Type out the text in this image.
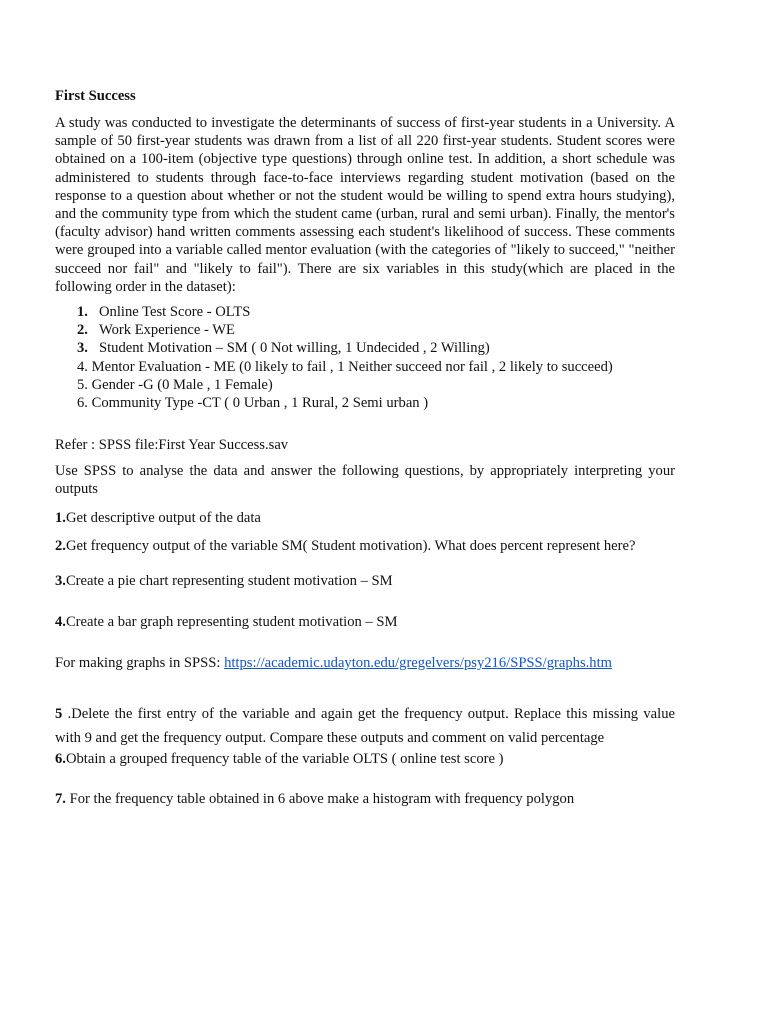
First Success

A study was conducted to investigate the determinants of success of first-year students in a University. A sample of 50 first-year students was drawn from a list of all 220 first-year students. Student scores were obtained on a 100-item (objective type questions) through online test. In addition, a short schedule was administered to students through face-to-face interviews regarding student motivation (based on the response to a question about whether or not the student would be willing to spend extra hours studying), and the community type from which the student came (urban, rural and semi urban). Finally, the mentor's (faculty advisor) hand written comments assessing each student's likelihood of success. These comments were grouped into a variable called mentor evaluation (with the categories of "likely to succeed," "neither succeed nor fail" and "likely to fail"). There are six variables in this study(which are placed in the following order in the dataset):

1. Online Test Score - OLTS
2. Work Experience - WE
3. Student Motivation – SM ( 0 Not willing, 1 Undecided , 2 Willing)
4. Mentor Evaluation - ME (0 likely to fail , 1 Neither succeed nor fail , 2 likely to succeed)
5. Gender -G (0 Male , 1 Female)
6. Community Type -CT ( 0 Urban , 1 Rural, 2 Semi urban )
Refer : SPSS file:First Year Success.sav
Use SPSS to analyse the data and answer the following questions, by appropriately interpreting your outputs
1.Get descriptive output of the data
2.Get frequency output of the variable SM( Student motivation). What does percent represent here?
3.Create a pie chart representing student motivation – SM
4.Create a bar graph representing student motivation – SM
For making graphs in SPSS: https://academic.udayton.edu/gregelvers/psy216/SPSS/graphs.htm
5 .Delete the first entry of the variable and again get the frequency output. Replace this missing value with 9 and get the frequency output. Compare these outputs and comment on valid percentage
6.Obtain a grouped frequency table of the variable OLTS ( online test score )
7. For the frequency table obtained in 6 above make a histogram with frequency polygon
